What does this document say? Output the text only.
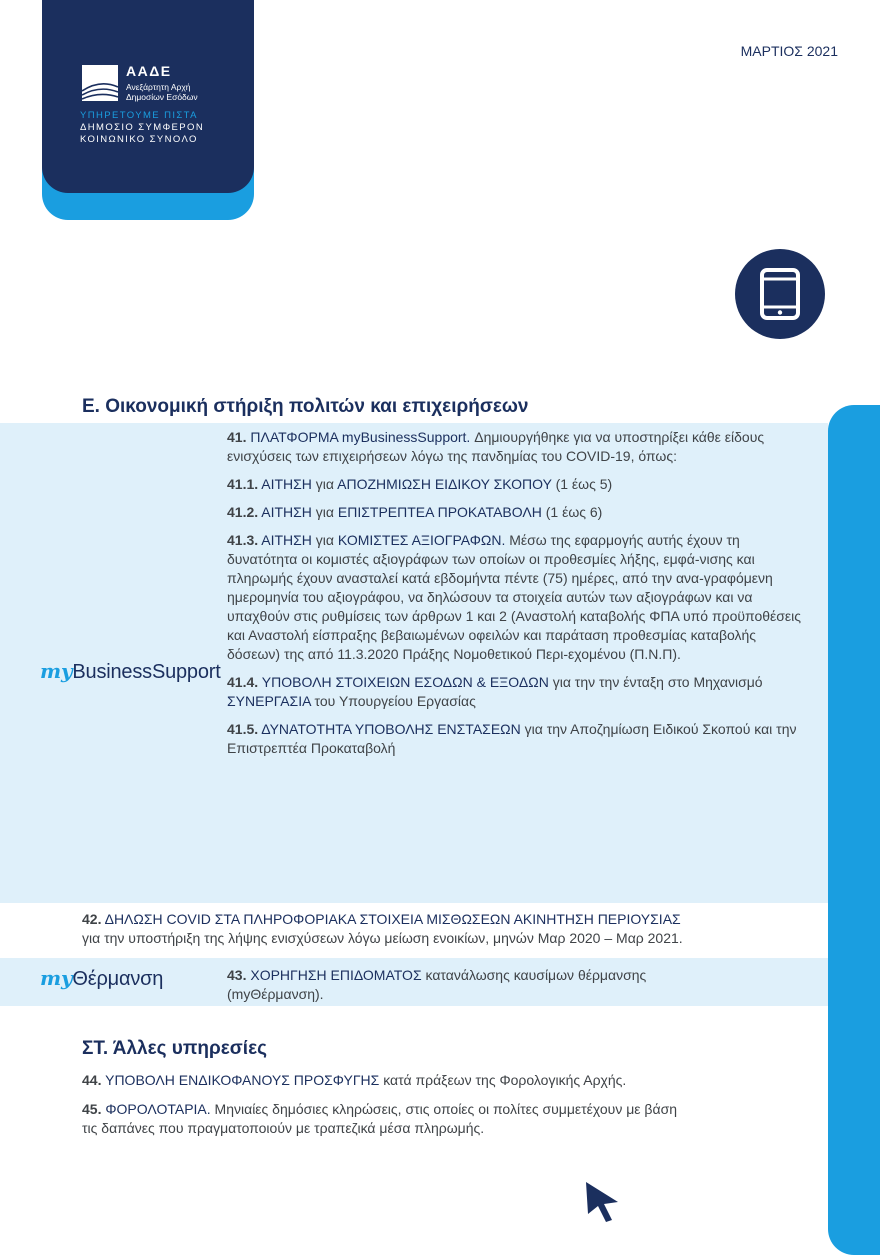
ΑΑΔΕ
Ανεξάρτητη Αρχή
Δημοσίων Εσόδων
ΥΠΗΡΕΤΟΥΜΕ ΠΙΣΤΑ
ΔΗΜΟΣΙΟ ΣΥΜΦΕΡΟΝ
ΚΟΙΝΩΝΙΚΟ ΣΥΝΟΛΟ
ΜΑΡΤΙΟΣ 2021
Ε. Οικονομική στήριξη πολιτών και επιχειρήσεων
myBusinessSupport
41. ΠΛΑΤΦΟΡΜΑ myBusinessSupport. Δημιουργήθηκε για να υποστηρίξει κάθε είδους
ενισχύσεις των επιχειρήσεων λόγω της πανδημίας του COVID-19, όπως:
41.1. ΑΙΤΗΣΗ για ΑΠΟΖΗΜΙΩΣΗ ΕΙΔΙΚΟΥ ΣΚΟΠΟΥ (1 έως 5)
41.2. ΑΙΤΗΣΗ για ΕΠΙΣΤΡΕΠΤΕΑ ΠΡΟΚΑΤΑΒΟΛΗ (1 έως 6)
41.3. ΑΙΤΗΣΗ για ΚΟΜΙΣΤΕΣ ΑΞΙΟΓΡΑΦΩΝ. Μέσω της εφαρμογής αυτής έχουν τη
δυνατότητα οι κομιστές αξιογράφων των οποίων οι προθεσμίες λήξης, εμφά-νισης και
πληρωμής έχουν ανασταλεί κατά εβδομήντα πέντε (75) ημέρες, από την ανα-γραφόμενη ημερομηνία του αξιογράφου, να δηλώσουν τα στοιχεία αυτών των αξιογράφων και να
υπαχθούν στις ρυθμίσεις των άρθρων 1 και 2 (Αναστολή καταβολής ΦΠΑ υπό προϋποθέσεις και Αναστολή είσπραξης βεβαιωμένων οφειλών και παράταση προθεσμίας καταβολής δόσεων) της από 11.3.2020 Πράξης Νομοθετικού Περι-εχομένου (Π.Ν.Π).
41.4. ΥΠΟΒΟΛΗ ΣΤΟΙΧΕΙΩΝ ΕΣΟΔΩΝ & ΕΞΟΔΩΝ για την την ένταξη στο Μηχανισμό
ΣΥΝΕΡΓΑΣΙΑ του Υπουργείου Εργασίας
41.5. ΔΥΝΑΤΟΤΗΤΑ ΥΠΟΒΟΛΗΣ ΕΝΣΤΑΣΕΩΝ για την Αποζημίωση Ειδικού Σκοπού και την Επιστρεπτέα Προκαταβολή
42. ΔΗΛΩΣΗ COVID ΣΤΑ ΠΛΗΡΟΦΟΡΙΑΚΑ ΣΤΟΙΧΕΙΑ ΜΙΣΘΩΣΕΩΝ ΑΚΙΝΗΤΗΣΗ ΠΕΡΙΟΥΣΙΑΣ
για την υποστήριξη της λήψης ενισχύσεων λόγω μείωση ενοικίων, μηνών Μαρ 2020 – Μαρ 2021.
myΘέρμανση	43. ΧΟΡΗΓΗΣΗ ΕΠΙΔΟΜΑΤΟΣ κατανάλωσης καυσίμων θέρμανσης
(myΘέρμανση).
ΣΤ. Άλλες υπηρεσίες
44. ΥΠΟΒΟΛΗ ΕΝΔΙΚΟΦΑΝΟΥΣ ΠΡΟΣΦΥΓΗΣ κατά πράξεων της Φορολογικής Αρχής.
45. ΦΟΡΟΛΟΤΑΡΙΑ. Μηνιαίες δημόσιες κληρώσεις, στις οποίες οι πολίτες συμμετέχουν με βάση
τις δαπάνες που πραγματοποιούν με τραπεζικά μέσα πληρωμής.
